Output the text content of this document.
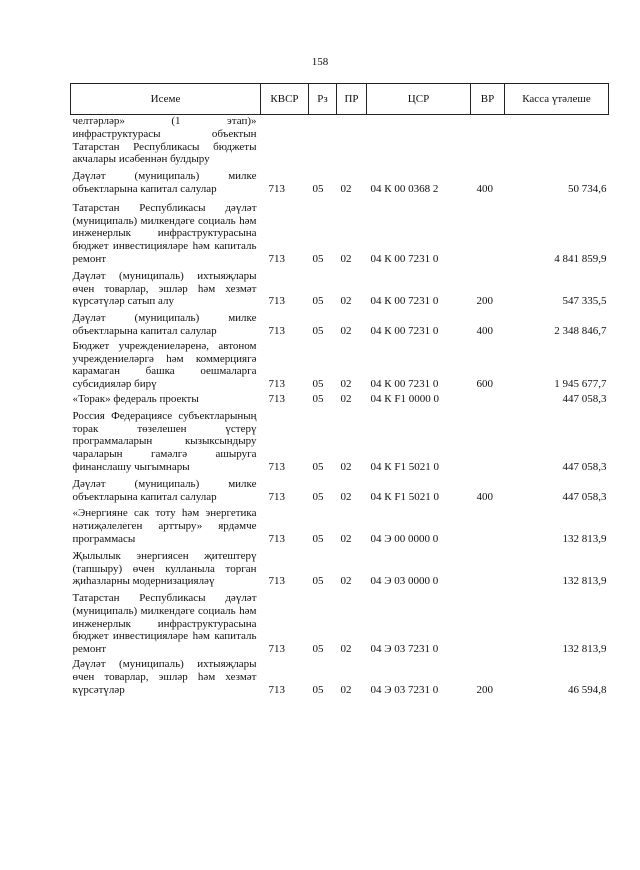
158
Исеме	КВСР	Рз	ПР	ЦСР	ВР	Касса үтәлеше
челтәрләр» (1 этап)» инфраструктурасы объектын Татарстан Республикасы бюджеты акчалары исәбеннән булдыру						
Дәүләт (муниципаль) милке объектларына капитал салулар	713	05	02	04 К 00 0368 2	400	50 734,6
Татарстан Республикасы дәүләт (муниципаль) милкендәге социаль һәм инженерлык инфраструктурасына бюджет инвестицияләре һәм капиталь ремонт	713	05	02	04 К 00 7231 0		4 841 859,9
Дәүләт (муниципаль) ихтыяҗлары өчен товарлар, эшләр һәм хезмәт күрсәтүләр сатып алу	713	05	02	04 К 00 7231 0	200	547 335,5
Дәүләт (муниципаль) милке объектларына капитал салулар	713	05	02	04 К 00 7231 0	400	2 348 846,7
Бюджет учреждениеләренә, автоном учреждениеләргә һәм коммерциягә карамаган башка оешмаларга субсидияләр бирү	713	05	02	04 К 00 7231 0	600	1 945 677,7
«Торак» федераль проекты	713	05	02	04 К F1 0000 0		447 058,3
Россия Федерациясе субъектларының торак төзелешен үстерү программаларын кызыксындыру чараларын гамәлгә ашыруга финанслашу чыгымнары	713	05	02	04 К F1 5021 0		447 058,3
Дәүләт (муниципаль) милке объектларына капитал салулар	713	05	02	04 К F1 5021 0	400	447 058,3
«Энергияне сак тоту һәм энергетика нәтиҗәлелеген арттыру» ярдәмче программасы	713	05	02	04 Э 00 0000 0		132 813,9
Җылылык энергиясен җитештерү (тапшыру) өчен кулланыла торган җиһазларны модернизацияләү	713	05	02	04 Э 03 0000 0		132 813,9
Татарстан Республикасы дәүләт (муниципаль) милкендәге социаль һәм инженерлык инфраструктурасына бюджет инвестицияләре һәм капиталь ремонт	713	05	02	04 Э 03 7231 0		132 813,9
Дәүләт (муниципаль) ихтыяҗлары өчен товарлар, эшләр һәм хезмәт күрсәтүләр	713	05	02	04 Э 03 7231 0	200	46 594,8
